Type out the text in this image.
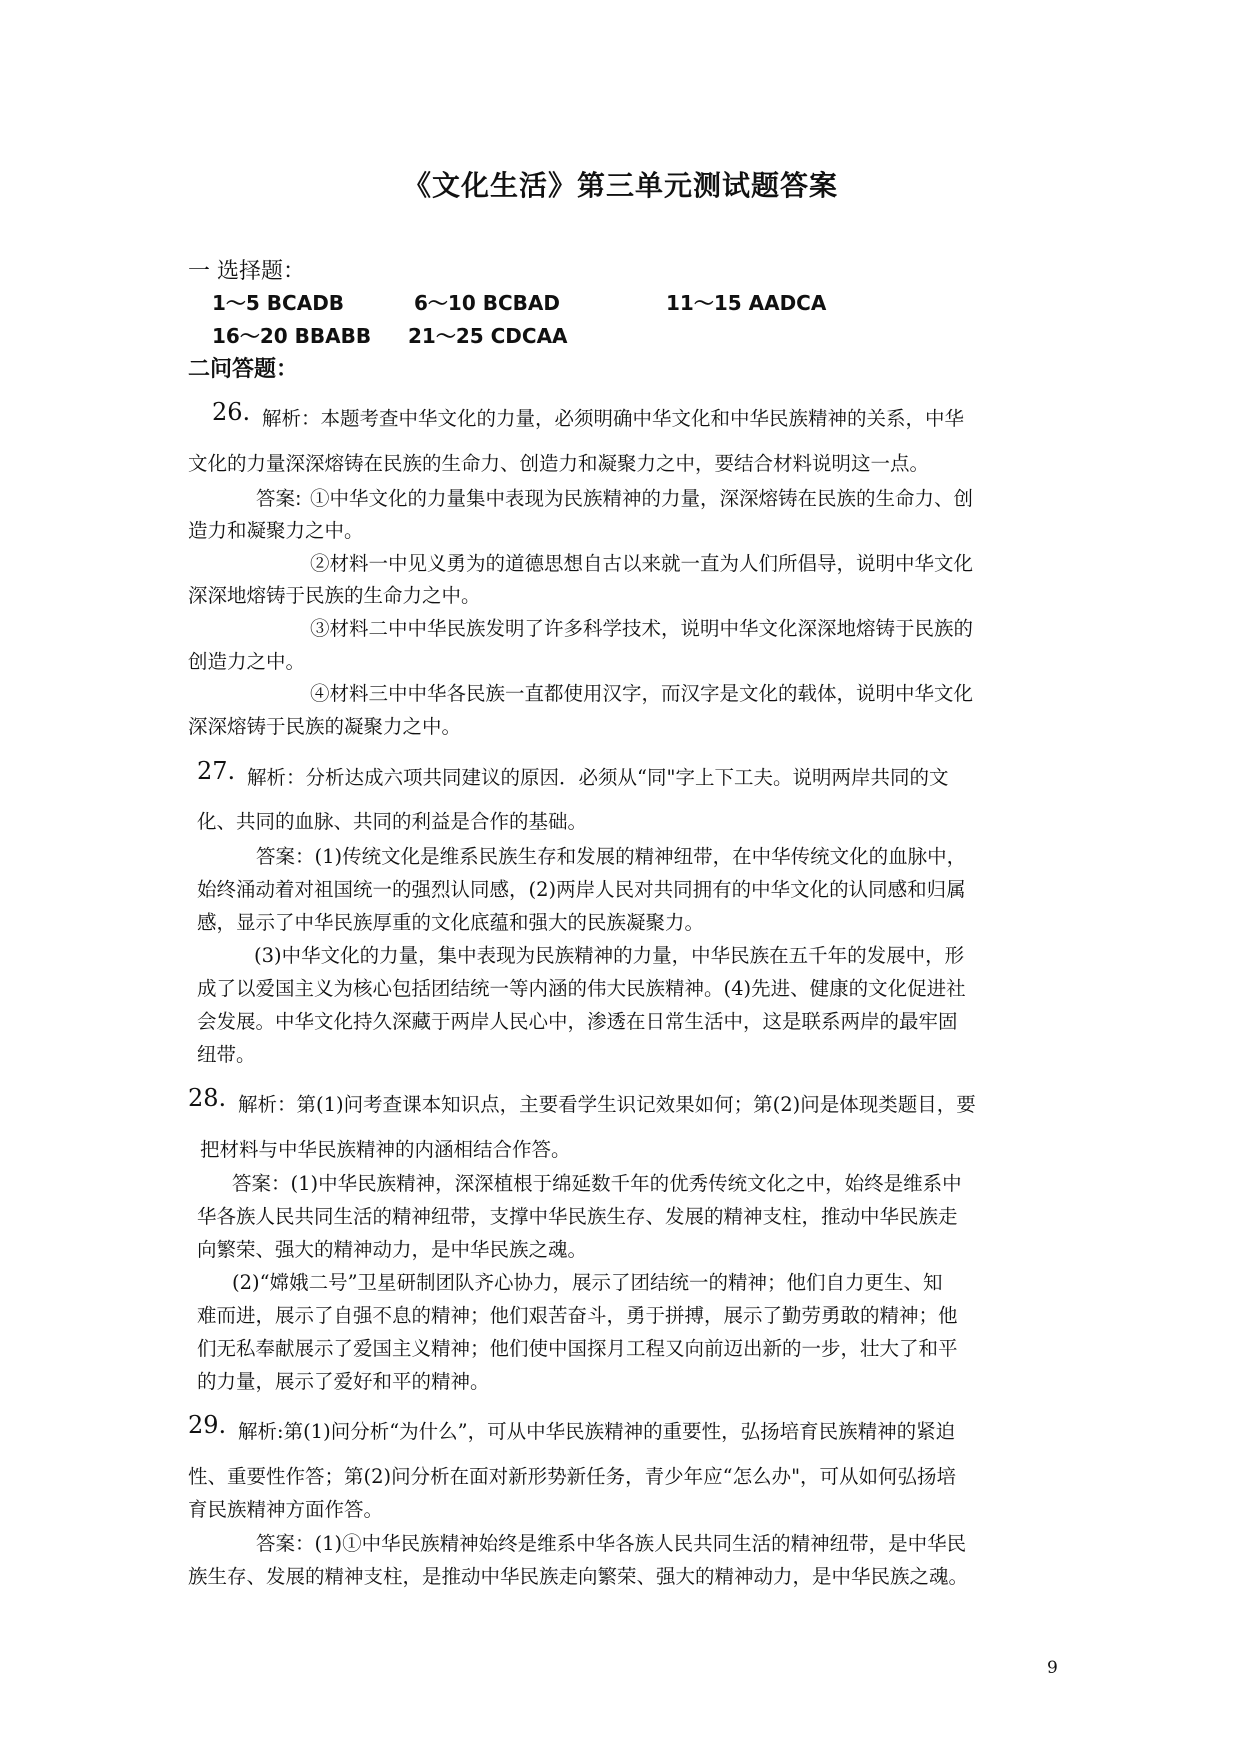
《文化生活》第三单元测试题答案
一 选择题：
1～5 BCADB	6～10 BCBAD	11～15 AADCA
16～20 BBABB 21～25 CDCAA
二问答题：
26. 解析：本题考查中华文化的力量，必须明确中华文化和中华民族精神的关系，中华
文化的力量深深熔铸在民族的生命力、创造力和凝聚力之中，要结合材料说明这一点。
答案: ①中华文化的力量集中表现为民族精神的力量，深深熔铸在民族的生命力、创
造力和凝聚力之中。
②材料一中见义勇为的道德思想自古以来就一直为人们所倡导，说明中华文化
深深地熔铸于民族的生命力之中。
③材料二中中华民族发明了许多科学技术，说明中华文化深深地熔铸于民族的
创造力之中。
④材料三中中华各民族一直都使用汉字，而汉字是文化的载体，说明中华文化
深深熔铸于民族的凝聚力之中。
27. 解析：分析达成六项共同建议的原因．必须从“同"字上下工夫。说明两岸共同的文
化、共同的血脉、共同的利益是合作的基础。
答案：(1)传统文化是维系民族生存和发展的精神纽带，在中华传统文化的血脉中，
始终涌动着对祖国统一的强烈认同感，(2)两岸人民对共同拥有的中华文化的认同感和归属
感，显示了中华民族厚重的文化底蕴和强大的民族凝聚力。
(3)中华文化的力量，集中表现为民族精神的力量，中华民族在五千年的发展中，形
成了以爱国主义为核心包括团结统一等内涵的伟大民族精神。(4)先进、健康的文化促进社
会发展。中华文化持久深藏于两岸人民心中，渗透在日常生活中，这是联系两岸的最牢固
纽带。
28. 解析：第(1)问考查课本知识点，主要看学生识记效果如何；第(2)问是体现类题目，要
把材料与中华民族精神的内涵相结合作答。
答案：(1)中华民族精神，深深植根于绵延数千年的优秀传统文化之中，始终是维系中
华各族人民共同生活的精神纽带，支撑中华民族生存、发展的精神支柱，推动中华民族走
向繁荣、强大的精神动力，是中华民族之魂。
(2)“嫦娥二号”卫星研制团队齐心协力，展示了团结统一的精神；他们自力更生、知
难而进，展示了自强不息的精神；他们艰苦奋斗，勇于拼搏，展示了勤劳勇敢的精神；他
们无私奉献展示了爱国主义精神；他们使中国探月工程又向前迈出新的一步，壮大了和平
的力量，展示了爱好和平的精神。
29. 解析:第(1)问分析“为什么”，可从中华民族精神的重要性，弘扬培育民族精神的紧迫
性、重要性作答；第(2)问分析在面对新形势新任务，青少年应“怎么办"，可从如何弘扬培
育民族精神方面作答。
答案：(1)①中华民族精神始终是维系中华各族人民共同生活的精神纽带，是中华民
族生存、发展的精神支柱，是推动中华民族走向繁荣、强大的精神动力，是中华民族之魂。
9
